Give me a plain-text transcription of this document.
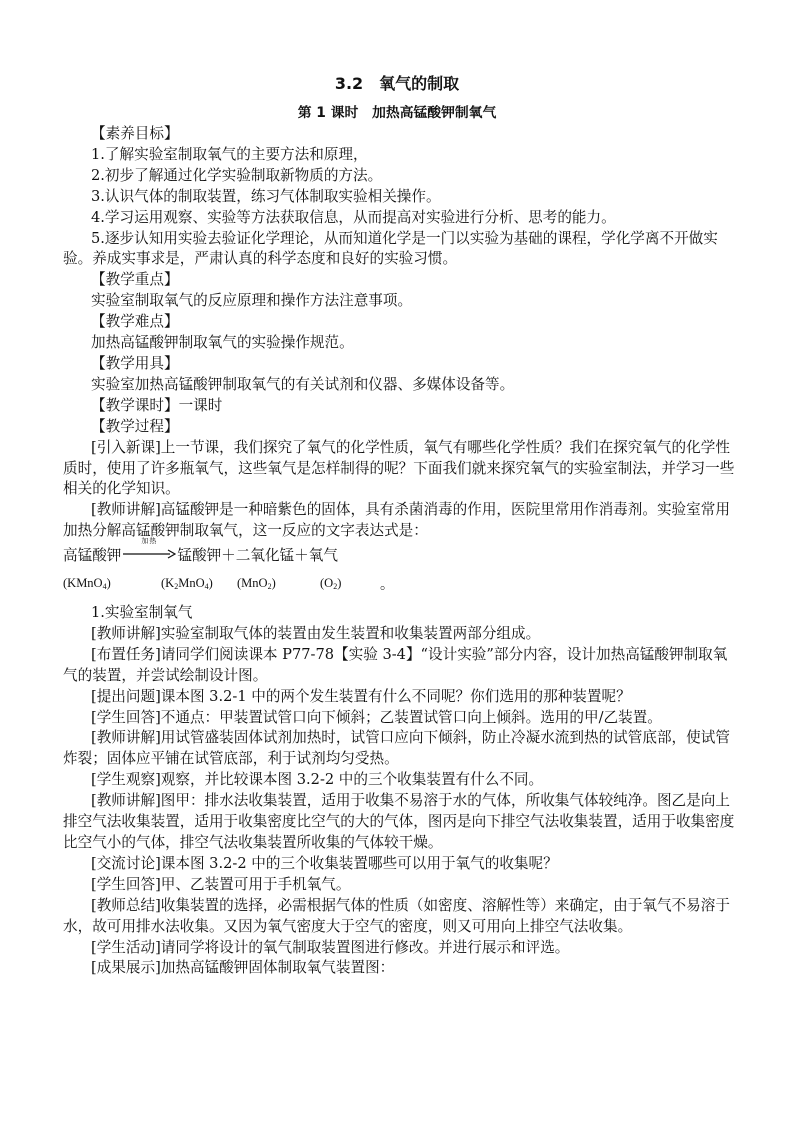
3.2　氧气的制取
第 1 课时　加热高锰酸钾制氧气

【素养目标】

1.了解实验室制取氧气的主要方法和原理，

2.初步了解通过化学实验制取新物质的方法。

3.认识气体的制取装置，练习气体制取实验相关操作。

4.学习运用观察、实验等方法获取信息，从而提高对实验进行分析、思考的能力。

5.逐步认知用实验去验证化学理论，从而知道化学是一门以实验为基础的课程，学化学离不开做实验。养成实事求是，严肃认真的科学态度和良好的实验习惯。

【教学重点】

实验室制取氧气的反应原理和操作方法注意事项。

【教学难点】

加热高锰酸钾制取氧气的实验操作规范。

【教学用具】

实验室加热高锰酸钾制取氧气的有关试剂和仪器、多媒体设备等。

【教学课时】一课时

【教学过程】

[引入新课]上一节课，我们探究了氧气的化学性质，氧气有哪些化学性质？我们在探究氧气的化学性质时，使用了许多瓶氧气，这些氧气是怎样制得的呢？下面我们就来探究氧气的实验室制法，并学习一些相关的化学知识。

[教师讲解]高锰酸钾是一种暗紫色的固体，具有杀菌消毒的作用，医院里常用作消毒剂。实验室常用加热分解高锰酸钾制取氧气，这一反应的文字表达式是：

高锰酸钾
加热
锰酸钾＋二氧化锰＋氧气
(KMnO$_4$)	$(K_2MnO_4)$ (MnO$_2$)	$(O_2)$	。

1.实验室制氧气

[教师讲解]实验室制取气体的装置由发生装置和收集装置两部分组成。

[布置任务]请同学们阅读课本 P77-78【实验 3-4】“设计实验”部分内容，设计加热高锰酸钾制取氧气的装置，并尝试绘制设计图。

[提出问题]课本图 3.2-1 中的两个发生装置有什么不同呢？你们选用的那种装置呢？

[学生回答]不通点：甲装置试管口向下倾斜；乙装置试管口向上倾斜。选用的甲/乙装置。

[教师讲解]用试管盛装固体试剂加热时，试管口应向下倾斜，防止冷凝水流到热的试管底部，使试管炸裂；固体应平铺在试管底部，利于试剂均匀受热。

[学生观察]观察，并比较课本图 3.2-2 中的三个收集装置有什么不同。

[教师讲解]图甲：排水法收集装置，适用于收集不易溶于水的气体，所收集气体较纯净。图乙是向上排空气法收集装置，适用于收集密度比空气的大的气体，图丙是向下排空气法收集装置，适用于收集密度比空气小的气体，排空气法收集装置所收集的气体较干燥。

[交流讨论]课本图 3.2-2 中的三个收集装置哪些可以用于氧气的收集呢？

[学生回答]甲、乙装置可用于手机氧气。

[教师总结]收集装置的选择，必需根据气体的性质（如密度、溶解性等）来确定，由于氧气不易溶于水，故可用排水法收集。又因为氧气密度大于空气的密度，则又可用向上排空气法收集。

[学生活动]请同学将设计的氧气制取装置图进行修改。并进行展示和评选。

[成果展示]加热高锰酸钾固体制取氧气装置图：
